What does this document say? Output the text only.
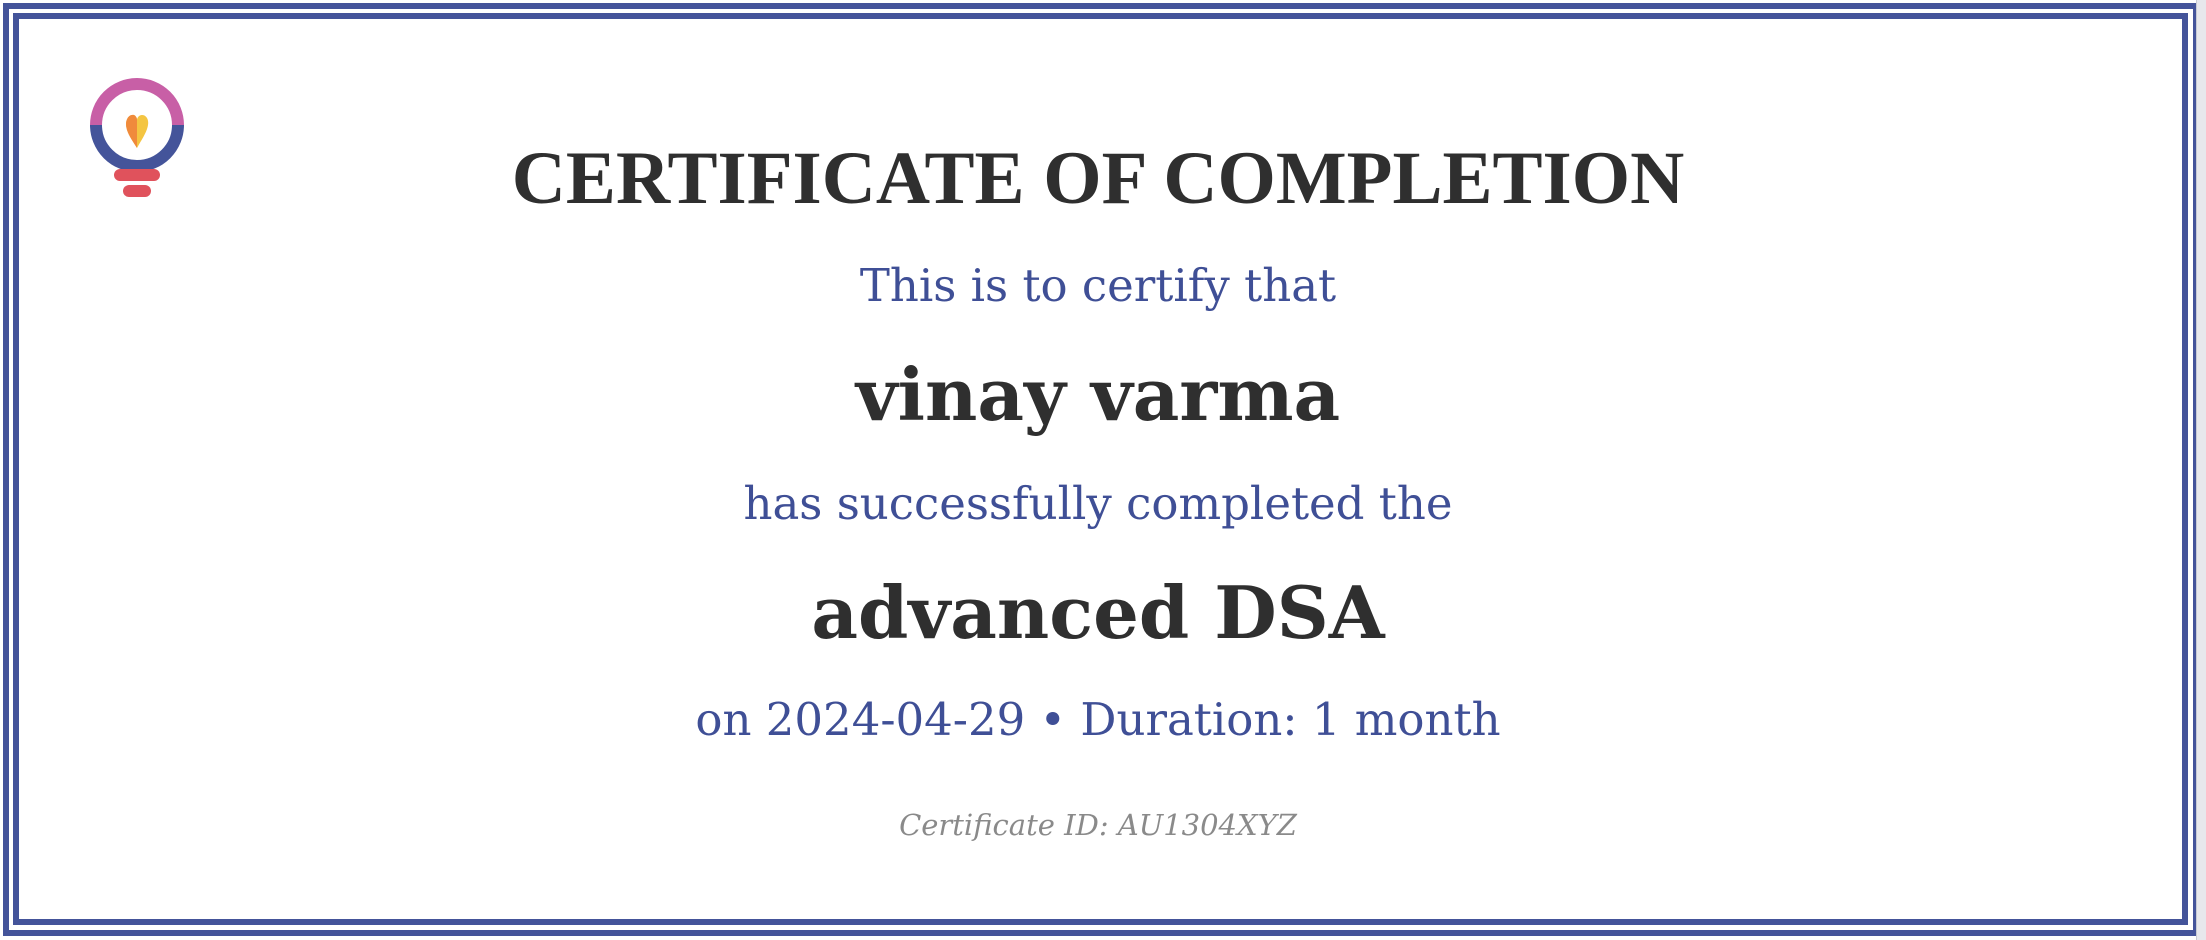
CERTIFICATE OF COMPLETION
This is to certify that
vinay varma
has successfully completed the
advanced DSA
on 2024-04-29 • Duration: 1 month
Certificate ID: AU1304XYZ
